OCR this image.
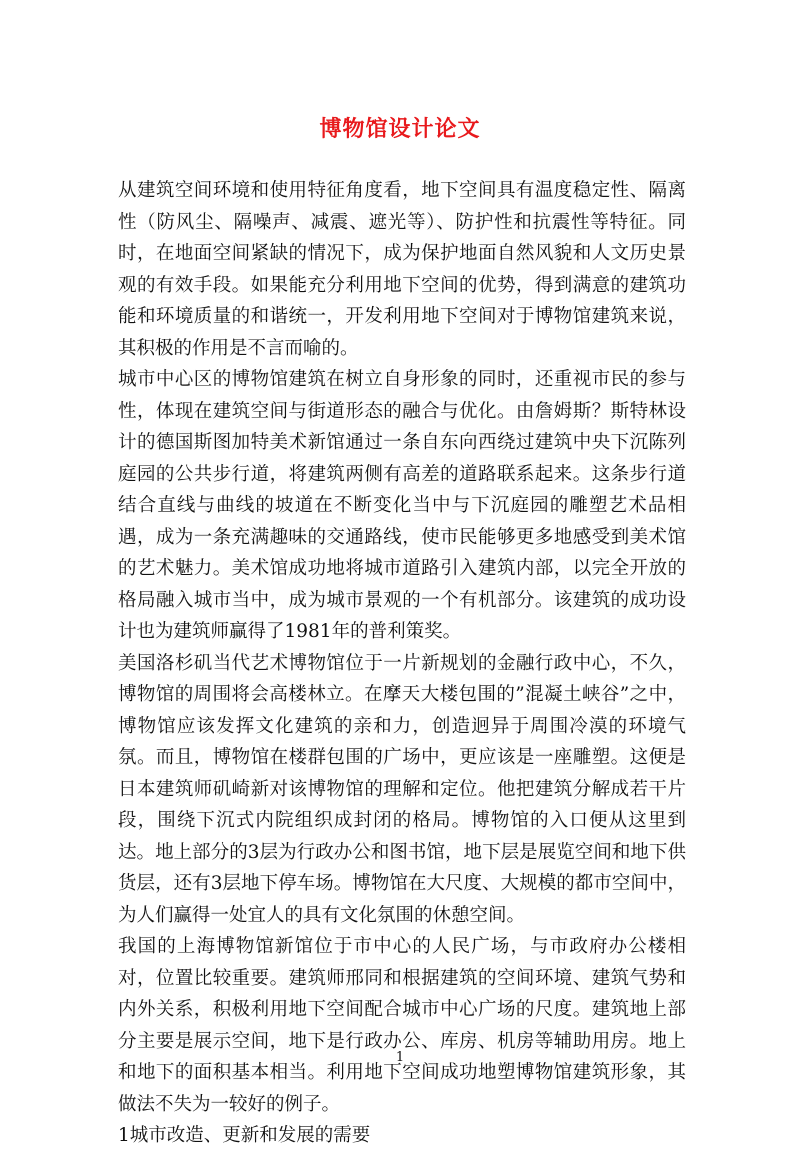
博物馆设计论文

从建筑空间环境和使用特征角度看，地下空间具有温度稳定性、隔离性（防风尘、隔噪声、减震、遮光等）、防护性和抗震性等特征。同时，在地面空间紧缺的情况下，成为保护地面自然风貌和人文历史景观的有效手段。如果能充分利用地下空间的优势，得到满意的建筑功能和环境质量的和谐统一，开发利用地下空间对于博物馆建筑来说，其积极的作用是不言而喻的。

城市中心区的博物馆建筑在树立自身形象的同时，还重视市民的参与性，体现在建筑空间与街道形态的融合与优化。由詹姆斯？斯特林设计的德国斯图加特美术新馆通过一条自东向西绕过建筑中央下沉陈列庭园的公共步行道，将建筑两侧有高差的道路联系起来。这条步行道结合直线与曲线的坡道在不断变化当中与下沉庭园的雕塑艺术品相遇，成为一条充满趣味的交通路线，使市民能够更多地感受到美术馆的艺术魅力。美术馆成功地将城市道路引入建筑内部，以完全开放的格局融入城市当中，成为城市景观的一个有机部分。该建筑的成功设计也为建筑师赢得了1981年的普利策奖。

美国洛杉矶当代艺术博物馆位于一片新规划的金融行政中心，不久，博物馆的周围将会高楼林立。在摩天大楼包围的”混凝土峡谷”之中，博物馆应该发挥文化建筑的亲和力，创造迥异于周围冷漠的环境气氛。而且，博物馆在楼群包围的广场中，更应该是一座雕塑。这便是日本建筑师矶崎新对该博物馆的理解和定位。他把建筑分解成若干片段，围绕下沉式内院组织成封闭的格局。博物馆的入口便从这里到达。地上部分的3层为行政办公和图书馆，地下层是展览空间和地下供货层，还有3层地下停车场。博物馆在大尺度、大规模的都市空间中，为人们赢得一处宜人的具有文化氛围的休憩空间。

我国的上海博物馆新馆位于市中心的人民广场，与市政府办公楼相对，位置比较重要。建筑师邢同和根据建筑的空间环境、建筑气势和内外关系，积极利用地下空间配合城市中心广场的尺度。建筑地上部分主要是展示空间，地下是行政办公、库房、机房等辅助用房。地上和地下的面积基本相当。利用地下空间成功地塑博物馆建筑形象，其做法不失为一较好的例子。

1城市改造、更新和发展的需要

1
